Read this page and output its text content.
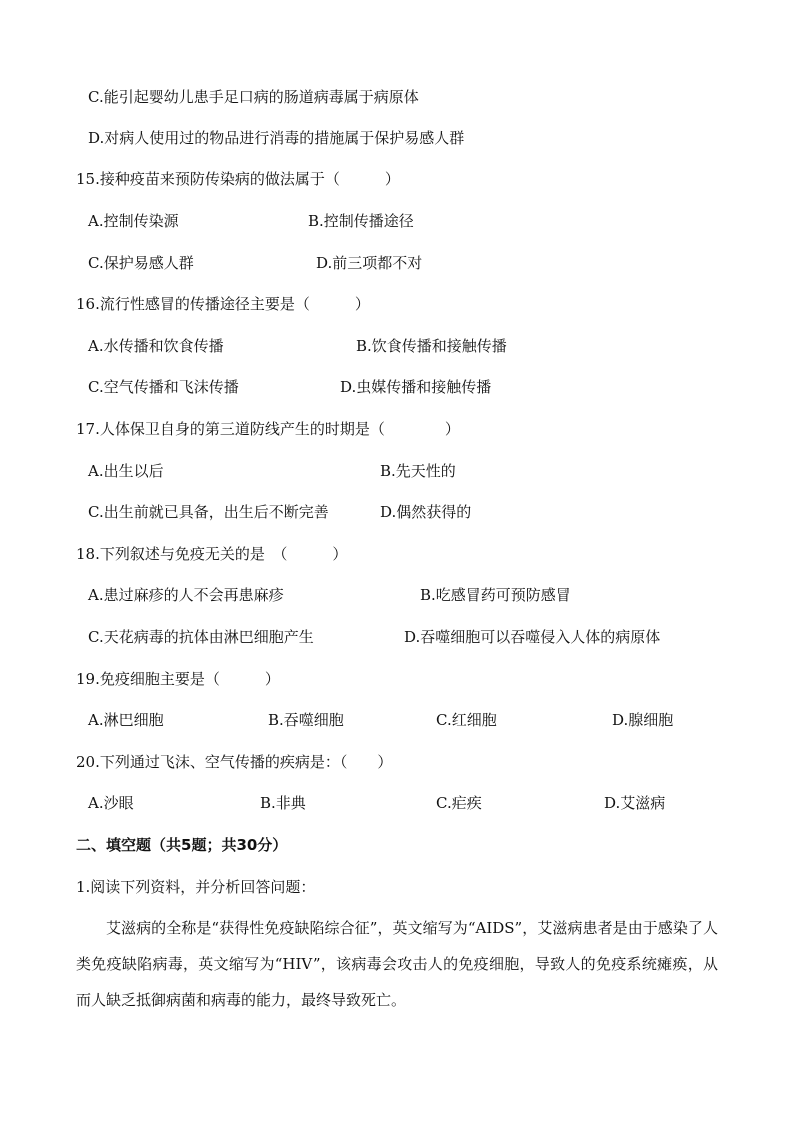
C.能引起婴幼儿患手足口病的肠道病毒属于病原体
D.对病人使用过的物品进行消毒的措施属于保护易感人群
15.接种疫苗来预防传染病的做法属于（　　　）
A.控制传染源	B.控制传播途径
C.保护易感人群	D.前三项都不对
16.流行性感冒的传播途径主要是（　　　）
A.水传播和饮食传播	B.饮食传播和接触传播
C.空气传播和飞沫传播	D.虫媒传播和接触传播
17.人体保卫自身的第三道防线产生的时期是（　　　　）
A.出生以后	B.先天性的
C.出生前就已具备，出生后不断完善	D.偶然获得的
18.下列叙述与免疫无关的是　（　　　）
A.患过麻疹的人不会再患麻疹	B.吃感冒药可预防感冒
C.天花病毒的抗体由淋巴细胞产生	D.吞噬细胞可以吞噬侵入人体的病原体
19.免疫细胞主要是（　　　）
A.淋巴细胞	B.吞噬细胞	C.红细胞	D.腺细胞
20.下列通过飞沫、空气传播的疾病是：（　　）
A.沙眼	B.非典	C.疟疾	D.艾滋病
二、填空题（共5题；共30分）
1.阅读下列资料，并分析回答问题：
艾滋病的全称是“获得性免疫缺陷综合征”，英文缩写为“AIDS”，艾滋病患者是由于感染了人类免疫缺陷病毒，英文缩写为“HIV”，该病毒会攻击人的免疫细胞，导致人的免疫系统瘫痪，从而人缺乏抵御病菌和病毒的能力，最终导致死亡。
